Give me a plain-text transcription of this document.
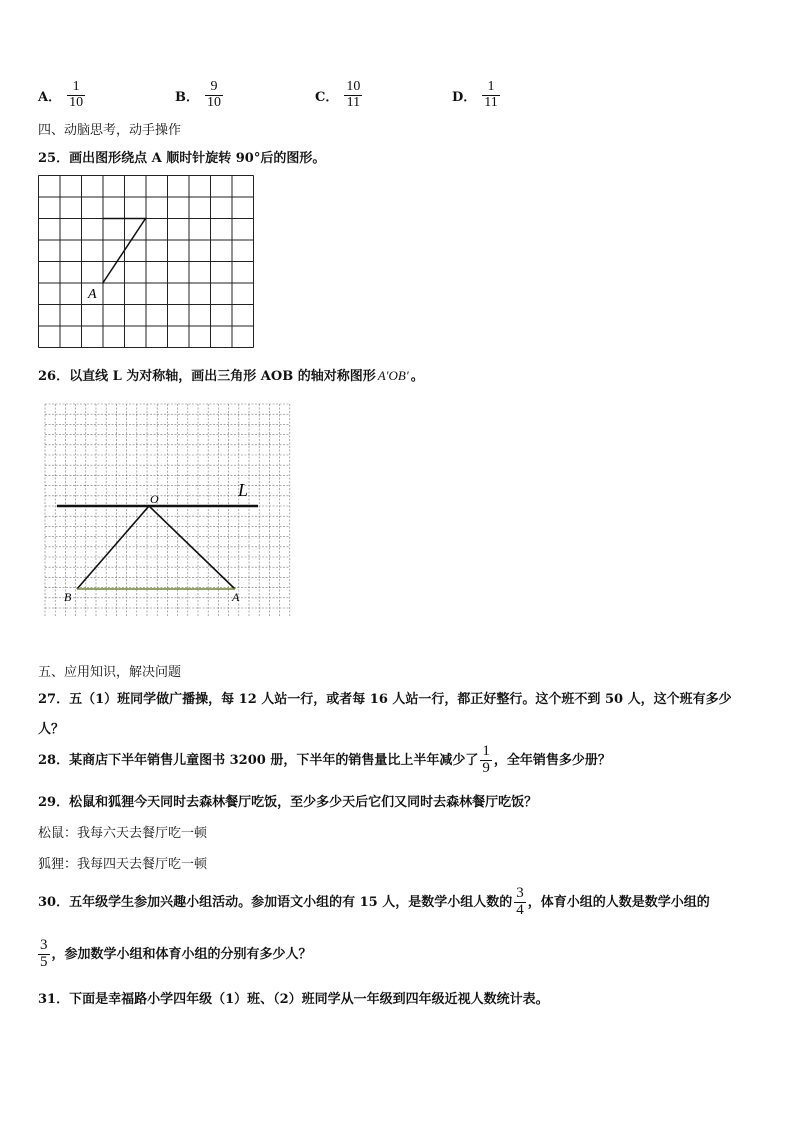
A． $\frac{1}{10}$	B． $\frac{9}{10}$	C． $\frac{10}{11}$	D． $\frac{1}{11}$
四、动脑思考，动手操作
25．画出图形绕点 A 顺时针旋转 90°后的图形。
A
26．以直线 L 为对称轴，画出三角形 AOB 的轴对称图形 A′OB′ 。
L
O
B	A
五、应用知识，解决问题
27．五（1）班同学做广播操，每 12 人站一行，或者每 16 人站一行，都正好整行。这个班不到 50 人，这个班有多少
人？
28．某商店下半年销售儿童图书 3200 册，下半年的销售量比上半年减少了 $\frac{1}{9}$ ，全年销售多少册？
29．松鼠和狐狸今天同时去森林餐厅吃饭，至少多少天后它们又同时去森林餐厅吃饭？
松鼠：我每六天去餐厅吃一顿
狐狸：我每四天去餐厅吃一顿
30．五年级学生参加兴趣小组活动。参加语文小组的有 15 人，是数学小组人数的 $\frac{3}{4}$ ，体育小组的人数是数学小组的
$\frac{3}{5}$ ，参加数学小组和体育小组的分别有多少人？
31．下面是幸福路小学四年级（1）班、（2）班同学从一年级到四年级近视人数统计表。
